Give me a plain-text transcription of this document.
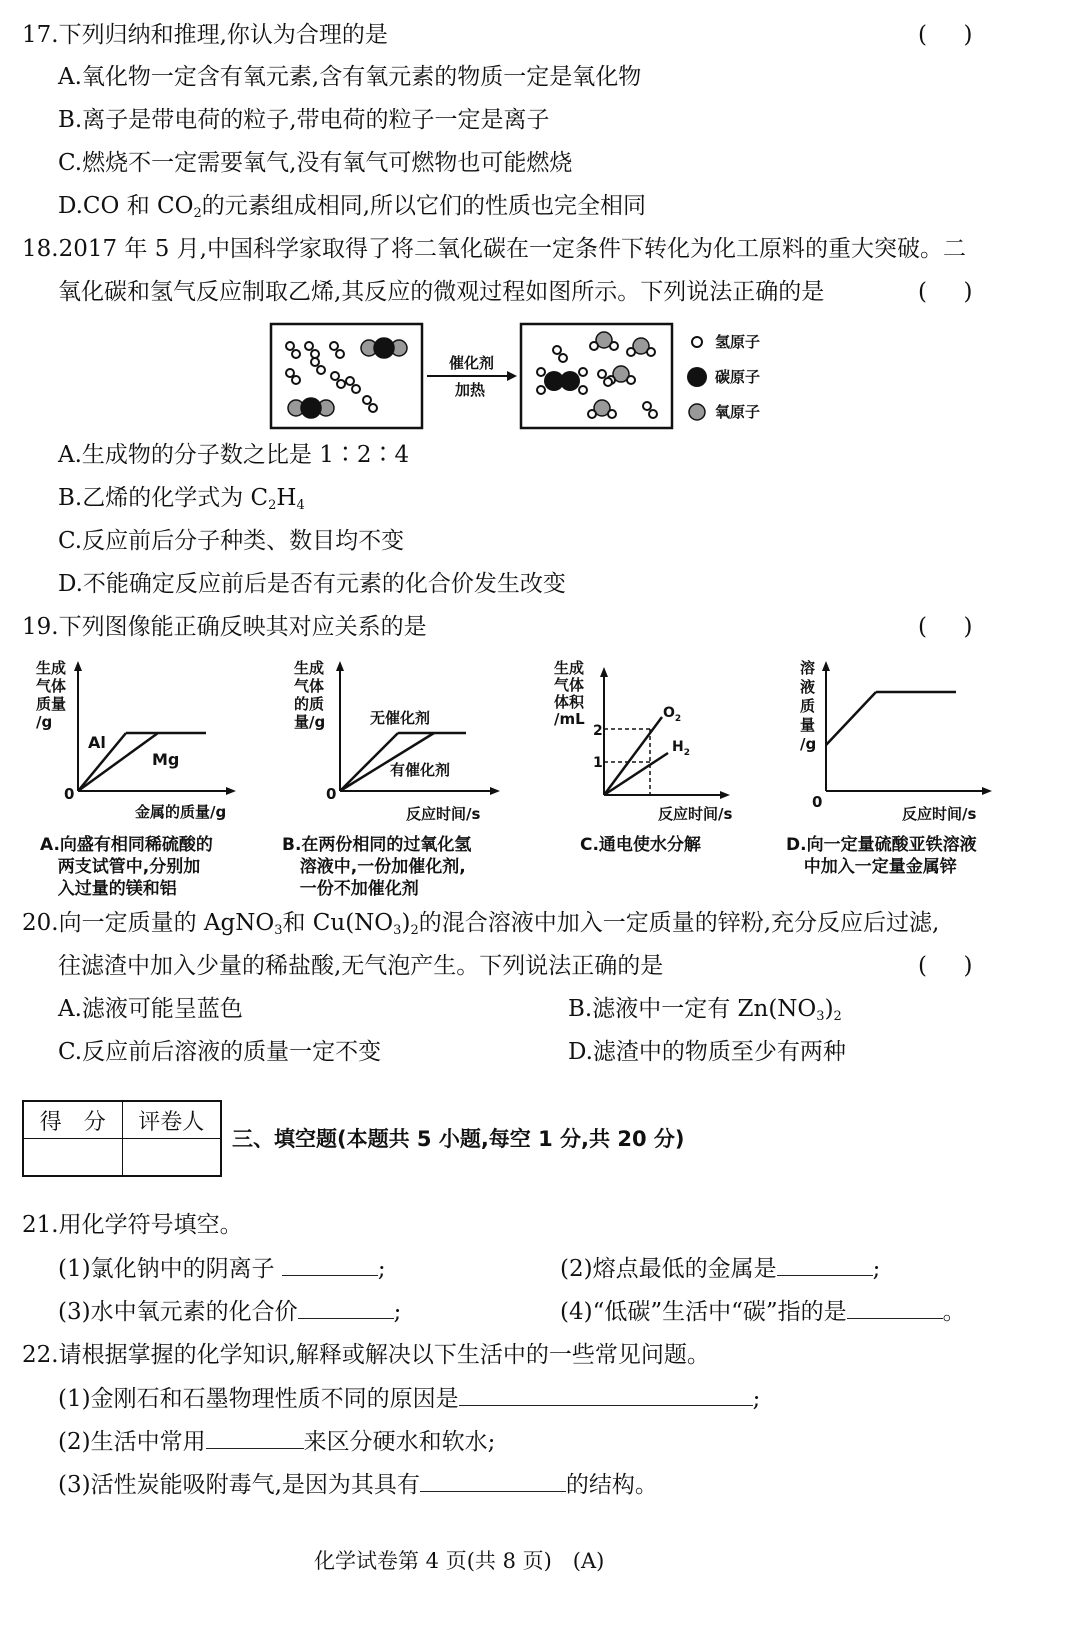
17.下列归纳和推理,你认为合理的是	(     )
A.氧化物一定含有氧元素,含有氧元素的物质一定是氧化物
B.离子是带电荷的粒子,带电荷的粒子一定是离子
C.燃烧不一定需要氧气,没有氧气可燃物也可能燃烧
D.CO 和 $CO_2$的元素组成相同,所以它们的性质也完全相同
18.2017 年 5 月,中国科学家取得了将二氧化碳在一定条件下转化为化工原料的重大突破。二
氧化碳和氢气反应制取乙烯,其反应的微观过程如图所示。下列说法正确的是	(     )
催化剂
加热
氢原子
碳原子
氧原子
A.生成物的分子数之比是 1∶2∶4
B.乙烯的化学式为 $C_2H_4$
C.反应前后分子种类、数目均不变
D.不能确定反应前后是否有元素的化合价发生改变
19.下列图像能正确反映其对应关系的是	(     )
生成
气体
质量
/g
0
Al
Mg
金属的质量/g
A.向盛有相同稀硫酸的
两支试管中,分别加
入过量的镁和铝
生成
气体
的质
量/g
0
无催化剂
有催化剂
反应时间/s
B.在两份相同的过氧化氢
溶液中,一份加催化剂,
一份不加催化剂
生成
气体
体积
/mL
2
1
$O_2$
$H_2$
反应时间/s
C.通电使水分解
溶
液
质
量
/g
0
反应时间/s
D.向一定量硫酸亚铁溶液
中加入一定量金属锌
20.向一定质量的 AgNO$_3$和 $Cu(NO_3)_2$的混合溶液中加入一定质量的锌粉,充分反应后过滤,
往滤渣中加入少量的稀盐酸,无气泡产生。下列说法正确的是	(     )
A.滤液可能呈蓝色	B.滤液中一定有 $Zn(NO_3)_2$
C.反应前后溶液的质量一定不变	D.滤渣中的物质至少有两种
得　分	评卷人

三、填空题(本题共 5 小题,每空 1 分,共 20 分)
21.用化学符号填空。
(1)氯化钠中的阴离子	;	(2)熔点最低的金属是	;
(3)水中氧元素的化合价	;	(4)“低碳”生活中“碳”指的是	。
22.请根据掌握的化学知识,解释或解决以下生活中的一些常见问题。
(1)金刚石和石墨物理性质不同的原因是	;
(2)生活中常用	来区分硬水和软水;
(3)活性炭能吸附毒气,是因为其具有	的结构。
化学试卷第 4 页(共 8 页)　(A)
